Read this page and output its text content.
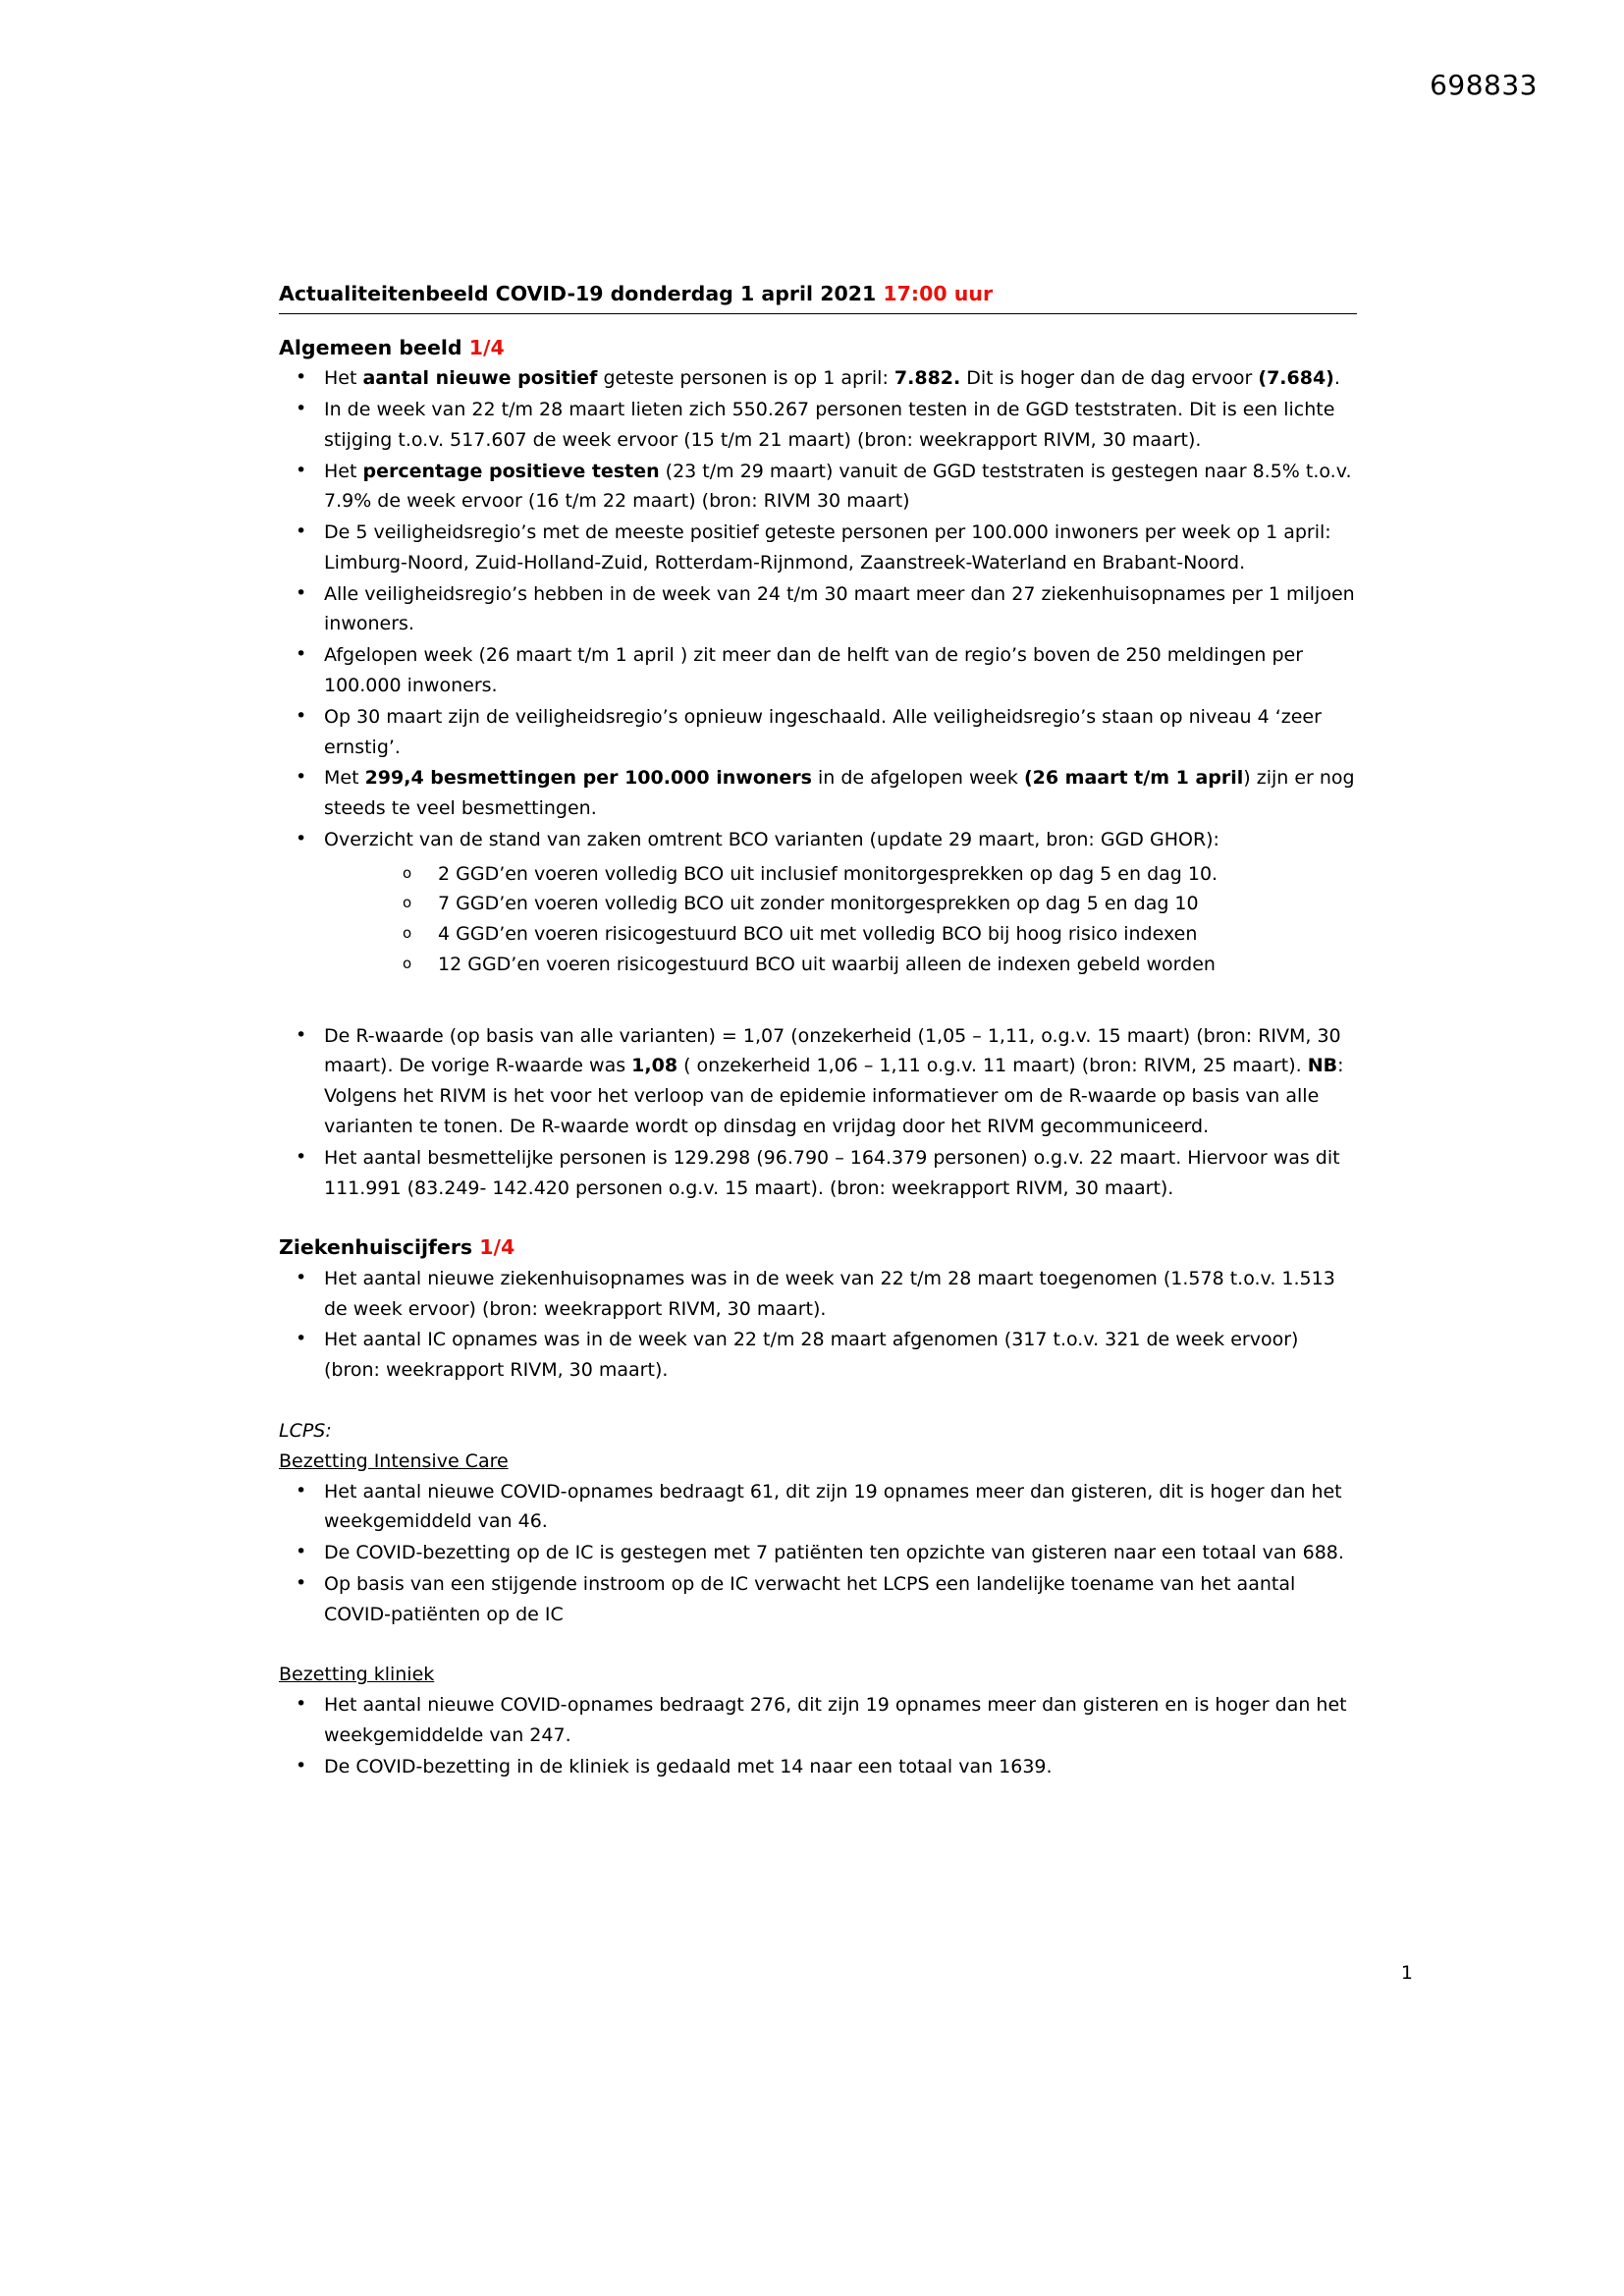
698833
Actualiteitenbeeld COVID-19 donderdag 1 april 2021 17:00 uur
Algemeen beeld 1/4
• Het aantal nieuwe positief geteste personen is op 1 april: 7.882. Dit is hoger dan de dag ervoor (7.684).
• In de week van 22 t/m 28 maart lieten zich 550.267 personen testen in de GGD teststraten. Dit is een lichte stijging t.o.v. 517.607 de week ervoor (15 t/m 21 maart) (bron: weekrapport RIVM, 30 maart).
• Het percentage positieve testen (23 t/m 29 maart) vanuit de GGD teststraten is gestegen naar 8.5% t.o.v. 7.9% de week ervoor (16 t/m 22 maart) (bron: RIVM 30 maart)
• De 5 veiligheidsregio’s met de meeste positief geteste personen per 100.000 inwoners per week op 1 april: Limburg-Noord, Zuid-Holland-Zuid, Rotterdam-Rijnmond, Zaanstreek-Waterland en Brabant-Noord.
• Alle veiligheidsregio’s hebben in de week van 24 t/m 30 maart meer dan 27 ziekenhuisopnames per 1 miljoen inwoners.
• Afgelopen week (26 maart t/m 1 april ) zit meer dan de helft van de regio’s boven de 250 meldingen per 100.000 inwoners.
• Op 30 maart zijn de veiligheidsregio’s opnieuw ingeschaald. Alle veiligheidsregio’s staan op niveau 4 ‘zeer ernstig’.
• Met 299,4 besmettingen per 100.000 inwoners in de afgelopen week (26 maart t/m 1 april) zijn er nog steeds te veel besmettingen.
• Overzicht van de stand van zaken omtrent BCO varianten (update 29 maart, bron: GGD GHOR):
o 2 GGD’en voeren volledig BCO uit inclusief monitorgesprekken op dag 5 en dag 10.
o 7 GGD’en voeren volledig BCO uit zonder monitorgesprekken op dag 5 en dag 10
o 4 GGD’en voeren risicogestuurd BCO uit met volledig BCO bij hoog risico indexen
o 12 GGD’en voeren risicogestuurd BCO uit waarbij alleen de indexen gebeld worden
• De R-waarde (op basis van alle varianten) = 1,07 (onzekerheid (1,05 – 1,11, o.g.v. 15 maart) (bron: RIVM, 30 maart). De vorige R-waarde was 1,08 ( onzekerheid 1,06 – 1,11 o.g.v. 11 maart) (bron: RIVM, 25 maart). NB: Volgens het RIVM is het voor het verloop van de epidemie informatiever om de R-waarde op basis van alle varianten te tonen. De R-waarde wordt op dinsdag en vrijdag door het RIVM gecommuniceerd.
• Het aantal besmettelijke personen is 129.298 (96.790 – 164.379 personen) o.g.v. 22 maart. Hiervoor was dit 111.991 (83.249- 142.420 personen o.g.v. 15 maart). (bron: weekrapport RIVM, 30 maart).
Ziekenhuiscijfers 1/4
• Het aantal nieuwe ziekenhuisopnames was in de week van 22 t/m 28 maart toegenomen (1.578 t.o.v. 1.513 de week ervoor) (bron: weekrapport RIVM, 30 maart).
• Het aantal IC opnames was in de week van 22 t/m 28 maart afgenomen (317 t.o.v. 321 de week ervoor) (bron: weekrapport RIVM, 30 maart).
LCPS:
Bezetting Intensive Care
• Het aantal nieuwe COVID-opnames bedraagt 61, dit zijn 19 opnames meer dan gisteren, dit is hoger dan het weekgemiddeld van 46.
• De COVID-bezetting op de IC is gestegen met 7 patiënten ten opzichte van gisteren naar een totaal van 688.
• Op basis van een stijgende instroom op de IC verwacht het LCPS een landelijke toename van het aantal COVID-patiënten op de IC
Bezetting kliniek
• Het aantal nieuwe COVID-opnames bedraagt 276, dit zijn 19 opnames meer dan gisteren en is hoger dan het weekgemiddelde van 247.
• De COVID-bezetting in de kliniek is gedaald met 14 naar een totaal van 1639.
1
